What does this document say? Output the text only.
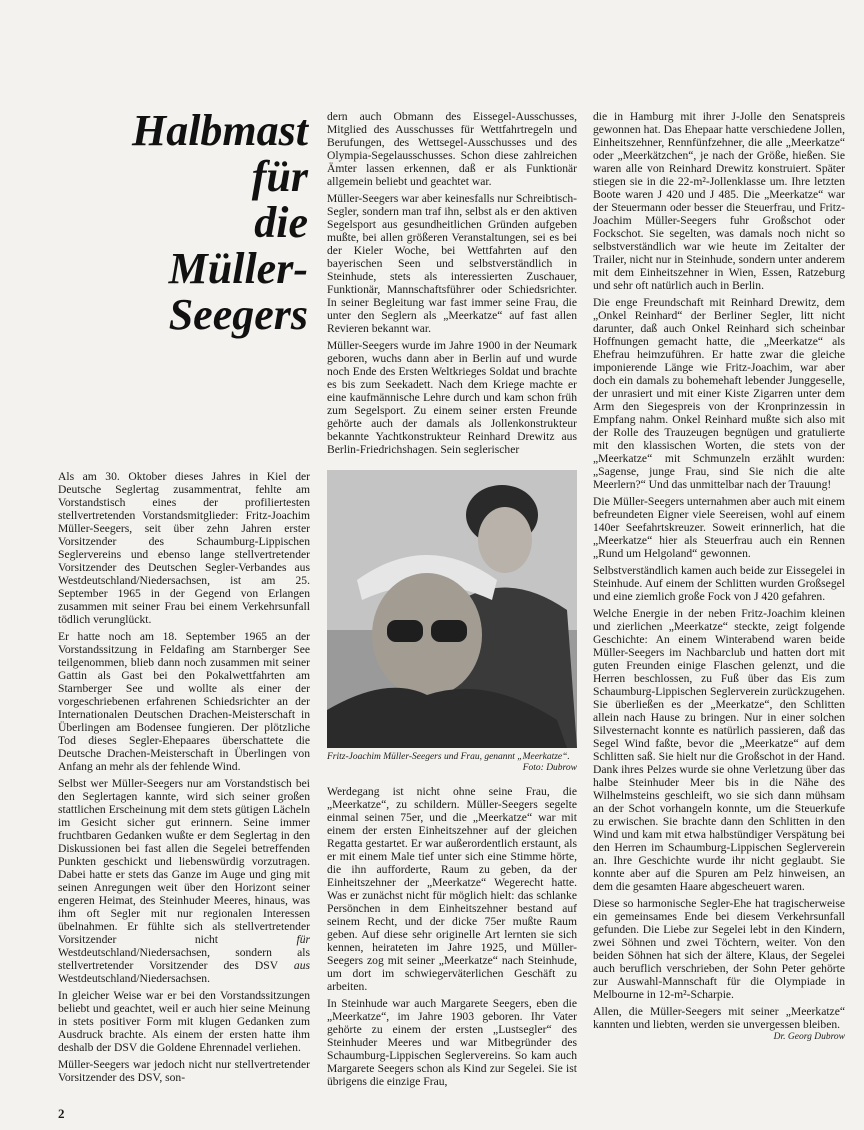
Halbmast
für
die
Müller-Seegers

Als am 30. Oktober dieses Jahres in Kiel der Deutsche Seglertag zusammentrat, fehlte am Vorstandstisch eines der profiliertesten stellvertretenden Vorstandsmitglieder: Fritz-Joachim Müller-Seegers, seit über zehn Jahren erster Vorsitzender des Schaumburg-Lippischen Seglervereins und ebenso lange stellvertretender Vorsitzender des Deutschen Segler-Verbandes aus Westdeutschland/Niedersachsen, ist am 25. September 1965 in der Gegend von Erlangen zusammen mit seiner Frau bei einem Verkehrsunfall tödlich verunglückt.

Er hatte noch am 18. September 1965 an der Vorstandssitzung in Feldafing am Starnberger See teilgenommen, blieb dann noch zusammen mit seiner Gattin als Gast bei den Pokalwettfahrten am Starnberger See und wollte als einer der vorgeschriebenen erfahrenen Schiedsrichter an der Internationalen Deutschen Drachen-Meisterschaft in Überlingen am Bodensee fungieren. Der plötzliche Tod dieses Segler-Ehepaares überschattete die Deutsche Drachen-Meisterschaft in Überlingen von Anfang an mehr als der fehlende Wind.

Selbst wer Müller-Seegers nur am Vorstandstisch bei den Seglertagen kannte, wird sich seiner großen stattlichen Erscheinung mit dem stets gütigen Lächeln im Gesicht sicher gut erinnern. Seine immer fruchtbaren Gedanken wußte er dem Seglertag in den Diskussionen bei fast allen die Segelei betreffenden Punkten geschickt und liebenswürdig vorzutragen. Dabei hatte er stets das Ganze im Auge und ging mit seinen Anregungen weit über den Horizont seiner engeren Heimat, des Steinhuder Meeres, hinaus, was ihm oft Segler mit nur regionalen Interessen übelnahmen. Er fühlte sich als stellvertretender Vorsitzender nicht für Westdeutschland/Niedersachsen, sondern als stellvertretender Vorsitzender des DSV aus Westdeutschland/Niedersachsen.

In gleicher Weise war er bei den Vorstandssitzungen beliebt und geachtet, weil er auch hier seine Meinung in stets positiver Form mit klugen Gedanken zum Ausdruck brachte. Als einem der ersten hatte ihm deshalb der DSV die Goldene Ehrennadel verliehen.

Müller-Seegers war jedoch nicht nur stellvertretender Vorsitzender des DSV, son-

dern auch Obmann des Eissegel-Ausschusses, Mitglied des Ausschusses für Wettfahrtregeln und Berufungen, des Wettsegel-Ausschusses und des Olympia-Segelausschusses. Schon diese zahlreichen Ämter lassen erkennen, daß er als Funktionär allgemein beliebt und geachtet war.

Müller-Seegers war aber keinesfalls nur Schreibtisch-Segler, sondern man traf ihn, selbst als er den aktiven Segelsport aus gesundheitlichen Gründen aufgeben mußte, bei allen größeren Veranstaltungen, sei es bei der Kieler Woche, bei Wettfahrten auf den bayerischen Seen und selbstverständlich in Steinhude, stets als interessierten Zuschauer, Funktionär, Mannschaftsführer oder Schiedsrichter. In seiner Begleitung war fast immer seine Frau, die unter den Seglern als „Meerkatze“ auf fast allen Revieren bekannt war.

Müller-Seegers wurde im Jahre 1900 in der Neumark geboren, wuchs dann aber in Berlin auf und wurde noch Ende des Ersten Weltkrieges Soldat und brachte es bis zum Seekadett. Nach dem Kriege machte er eine kaufmännische Lehre durch und kam schon früh zum Segelsport. Zu einem seiner ersten Freunde gehörte auch der damals als Jollenkonstrukteur bekannte Yachtkonstrukteur Reinhard Drewitz aus Berlin-Friedrichshagen. Sein seglerischer

Fritz-Joachim Müller-Seegers und Frau, genannt „Meerkatze“.
Foto: Dubrow

Werdegang ist nicht ohne seine Frau, die „Meerkatze“, zu schildern. Müller-Seegers segelte einmal seinen 75er, und die „Meerkatze“ war mit einem der ersten Einheitszehner auf der gleichen Regatta gestartet. Er war außerordentlich erstaunt, als er mit einem Male tief unter sich eine Stimme hörte, die ihn aufforderte, Raum zu geben, da der Einheitszehner der „Meerkatze“ Wegerecht hatte. Was er zunächst nicht für möglich hielt: das schlanke Persönchen in dem Einheitszehner bestand auf seinem Recht, und der dicke 75er mußte Raum geben. Auf diese sehr originelle Art lernten sie sich kennen, heirateten im Jahre 1925, und Müller-Seegers zog mit seiner „Meerkatze“ nach Steinhude, um dort im schwiegerväterlichen Geschäft zu arbeiten.

In Steinhude war auch Margarete Seegers, eben die „Meerkatze“, im Jahre 1903 geboren. Ihr Vater gehörte zu einem der ersten „Lustsegler“ des Steinhuder Meeres und war Mitbegründer des Schaumburg-Lippischen Seglervereins. So kam auch Margarete Seegers schon als Kind zur Segelei. Sie ist übrigens die einzige Frau,

die in Hamburg mit ihrer J-Jolle den Senatspreis gewonnen hat. Das Ehepaar hatte verschiedene Jollen, Einheitszehner, Rennfünfzehner, die alle „Meerkatze“ oder „Meerkätzchen“, je nach der Größe, hießen. Sie waren alle von Reinhard Drewitz konstruiert. Später stiegen sie in die 22-m²-Jollenklasse um. Ihre letzten Boote waren J 420 und J 485. Die „Meerkatze“ war der Steuermann oder besser die Steuerfrau, und Fritz-Joachim Müller-Seegers fuhr Großschot oder Fockschot. Sie segelten, was damals noch nicht so selbstverständlich war wie heute im Zeitalter der Trailer, nicht nur in Steinhude, sondern unter anderem mit dem Einheitszehner in Wien, Essen, Ratzeburg und sehr oft natürlich auch in Berlin.

Die enge Freundschaft mit Reinhard Drewitz, dem „Onkel Reinhard“ der Berliner Segler, litt nicht darunter, daß auch Onkel Reinhard sich scheinbar Hoffnungen gemacht hatte, die „Meerkatze“ als Ehefrau heimzuführen. Er hatte zwar die gleiche imponierende Länge wie Fritz-Joachim, war aber doch ein damals zu bohemehaft lebender Junggeselle, der unrasiert und mit einer Kiste Zigarren unter dem Arm den Siegespreis von der Kronprinzessin in Empfang nahm. Onkel Reinhard mußte sich also mit der Rolle des Trauzeugen begnügen und gratulierte mit den klassischen Worten, die stets von der „Meerkatze“ mit Schmunzeln erzählt wurden: „Sagense, junge Frau, sind Sie nich die alte Meerlern?“ Und das unmittelbar nach der Trauung!

Die Müller-Seegers unternahmen aber auch mit einem befreundeten Eigner viele Seereisen, wohl auf einem 140er Seefahrtskreuzer. Soweit erinnerlich, hat die „Meerkatze“ hier als Steuerfrau auch ein Rennen „Rund um Helgoland“ gewonnen.

Selbstverständlich kamen auch beide zur Eissegelei in Steinhude. Auf einem der Schlitten wurden Großsegel und eine ziemlich große Fock von J 420 gefahren.

Welche Energie in der neben Fritz-Joachim kleinen und zierlichen „Meerkatze“ steckte, zeigt folgende Geschichte: An einem Winterabend waren beide Müller-Seegers im Nachbarclub und hatten dort mit guten Freunden einige Flaschen gelenzt, und die Herren beschlossen, zu Fuß über das Eis zum Schaumburg-Lippischen Seglerverein zurückzugehen. Sie überließen es der „Meerkatze“, den Schlitten allein nach Hause zu bringen. Nur in einer solchen Silvesternacht konnte es natürlich passieren, daß das Segel Wind faßte, bevor die „Meerkatze“ auf dem Schlitten saß. Sie hielt nur die Großschot in der Hand. Dank ihres Pelzes wurde sie ohne Verletzung über das halbe Steinhuder Meer bis in die Nähe des Wilhelmsteins geschleift, wo sie sich dann mühsam an der Schot vorhangeln konnte, um die Steuerkufe zu erwischen. Sie brachte dann den Schlitten in den Wind und kam mit etwa halbstündiger Verspätung bei den Herren im Schaumburg-Lippischen Seglerverein an. Ihre Geschichte wurde ihr nicht geglaubt. Sie konnte aber auf die Spuren am Pelz hinweisen, an dem die gesamten Haare abgescheuert waren.

Diese so harmonische Segler-Ehe hat tragischerweise ein gemeinsames Ende bei diesem Verkehrsunfall gefunden. Die Liebe zur Segelei lebt in den Kindern, zwei Söhnen und zwei Töchtern, weiter. Von den beiden Söhnen hat sich der ältere, Klaus, der Segelei auch beruflich verschrieben, der Sohn Peter gehörte zur Auswahl-Mannschaft für die Olympiade in Melbourne in 12-m²-Scharpie.

Allen, die Müller-Seegers mit seiner „Meerkatze“ kannten und liebten, werden sie unvergessen bleiben.
Dr. Georg Dubrow

2
